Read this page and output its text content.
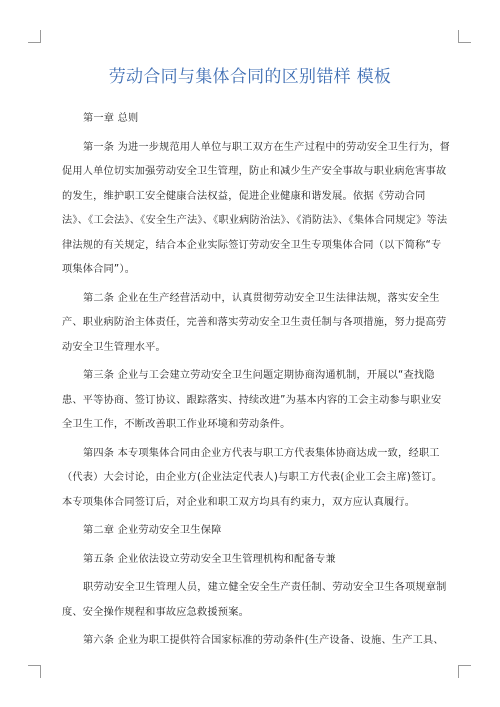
劳动合同与集体合同的区别错样 模板

第一章 总则

第一条 为进一步规范用人单位与职工双方在生产过程中的劳动安全卫生行为，督促用人单位切实加强劳动安全卫生管理，防止和减少生产安全事故与职业病危害事故的发生，维护职工安全健康合法权益，促进企业健康和谐发展。依据《劳动合同法》、《工会法》、《安全生产法》、《职业病防治法》、《消防法》、《集体合同规定》等法律法规的有关规定，结合本企业实际签订劳动安全卫生专项集体合同（以下简称“专项集体合同”）。

第二条 企业在生产经营活动中，认真贯彻劳动安全卫生法律法规，落实安全生产、职业病防治主体责任，完善和落实劳动安全卫生责任制与各项措施，努力提高劳动安全卫生管理水平。

第三条 企业与工会建立劳动安全卫生问题定期协商沟通机制，开展以“查找隐患、平等协商、签订协议、跟踪落实、持续改进”为基本内容的工会主动参与职业安全卫生工作，不断改善职工作业环境和劳动条件。

第四条 本专项集体合同由企业方代表与职工方代表集体协商达成一致，经职工（代表）大会讨论，由企业方(企业法定代表人)与职工方代表(企业工会主席)签订。本专项集体合同签订后，对企业和职工双方均具有约束力，双方应认真履行。

第二章 企业劳动安全卫生保障

第五条 企业依法设立劳动安全卫生管理机构和配备专兼

职劳动安全卫生管理人员，建立健全安全生产责任制、劳动安全卫生各项规章制度、安全操作规程和事故应急救援预案。

第六条 企业为职工提供符合国家标准的劳动条件(生产设备、设施、生产工具、
